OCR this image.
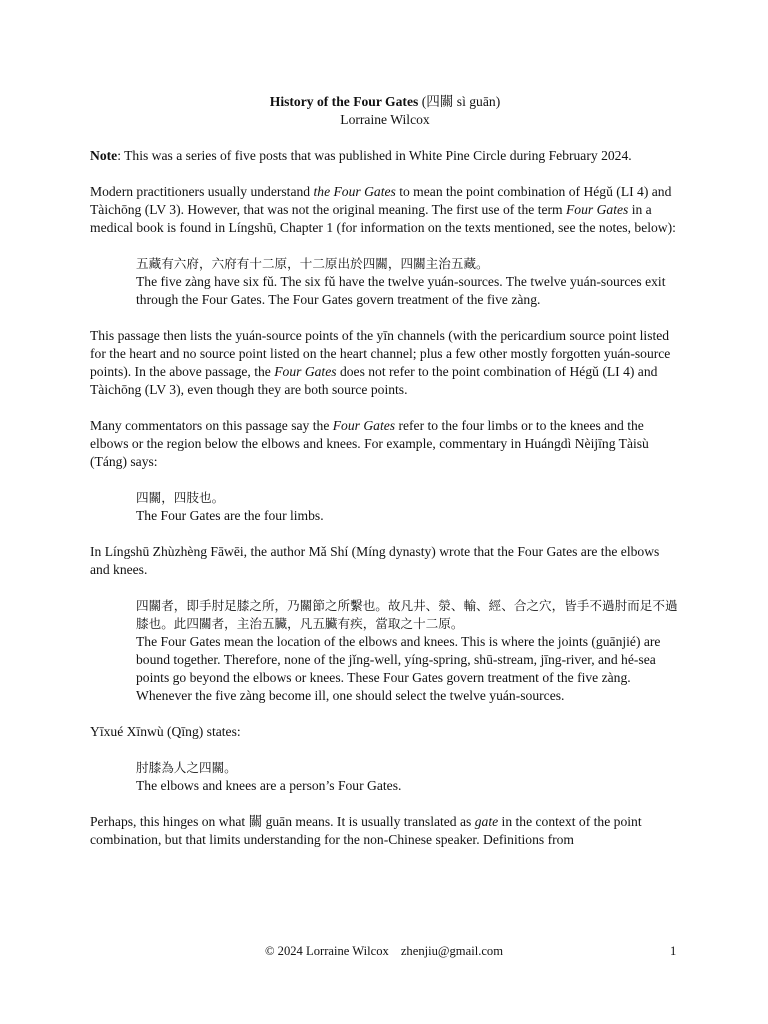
History of the Four Gates (四關 sì guān)
Lorraine Wilcox

Note: This was a series of five posts that was published in White Pine Circle during February 2024.

Modern practitioners usually understand the Four Gates to mean the point combination of Hégǔ (LI 4) and Tàichōng (LV 3). However, that was not the original meaning. The first use of the term Four Gates in a medical book is found in Língshū, Chapter 1 (for information on the texts mentioned, see the notes, below):

五藏有六府，六府有十二原，十二原出於四關，四關主治五藏。
The five zàng have six fǔ. The six fǔ have the twelve yuán-sources. The twelve yuán-sources exit through the Four Gates. The Four Gates govern treatment of the five zàng.

This passage then lists the yuán-source points of the yīn channels (with the pericardium source point listed for the heart and no source point listed on the heart channel; plus a few other mostly forgotten yuán-source points). In the above passage, the Four Gates does not refer to the point combination of Hégǔ (LI 4) and Tàichōng (LV 3), even though they are both source points.

Many commentators on this passage say the Four Gates refer to the four limbs or to the knees and the elbows or the region below the elbows and knees. For example, commentary in Huángdì Nèijīng Tàisù (Táng) says:

四關，四肢也。
The Four Gates are the four limbs.

In Língshū Zhùzhèng Fāwēi, the author Mǎ Shí (Míng dynasty) wrote that the Four Gates are the elbows and knees.

四關者，即手肘足膝之所，乃關節之所繫也。故凡井、滎、輸、經、合之穴，皆手不過肘而足不過膝也。此四關者，主治五臟，凡五臟有疾，當取之十二原。
The Four Gates mean the location of the elbows and knees. This is where the joints (guānjié) are bound together. Therefore, none of the jǐng-well, yíng-spring, shū-stream, jīng-river, and hé-sea points go beyond the elbows or knees. These Four Gates govern treatment of the five zàng. Whenever the five zàng become ill, one should select the twelve yuán-sources.

Yīxué Xīnwù (Qīng) states:

肘膝為人之四關。
The elbows and knees are a person’s Four Gates.

Perhaps, this hinges on what 關 guān means. It is usually translated as gate in the context of the point combination, but that limits understanding for the non-Chinese speaker. Definitions from

© 2024 Lorraine Wilcox zhenjiu@gmail.com	1
